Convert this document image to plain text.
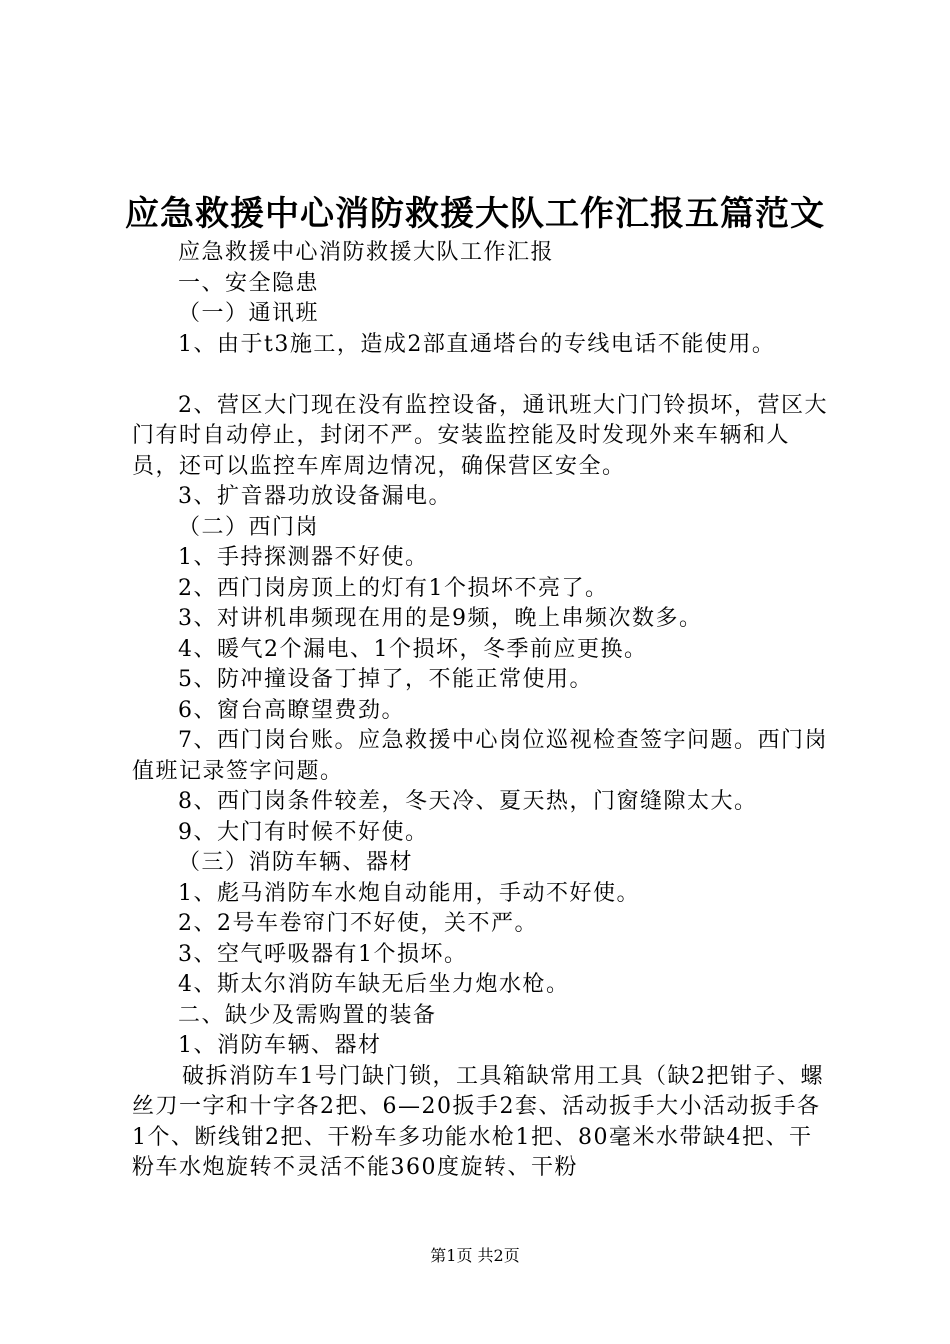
应急救援中心消防救援大队工作汇报五篇范文

应急救援中心消防救援大队工作汇报

一、安全隐患

（一）通讯班

1、由于t3施工，造成2部直通塔台的专线电话不能使用。

2、营区大门现在没有监控设备，通讯班大门门铃损坏，营区大门有时自动停止，封闭不严。安装监控能及时发现外来车辆和人员，还可以监控车库周边情况，确保营区安全。

3、扩音器功放设备漏电。

（二）西门岗

1、手持探测器不好使。

2、西门岗房顶上的灯有1个损坏不亮了。

3、对讲机串频现在用的是9频，晚上串频次数多。

4、暖气2个漏电、1个损坏，冬季前应更换。

5、防冲撞设备丁掉了，不能正常使用。

6、窗台高瞭望费劲。

7、西门岗台账。应急救援中心岗位巡视检查签字问题。西门岗值班记录签字问题。

8、西门岗条件较差，冬天冷、夏天热，门窗缝隙太大。

9、大门有时候不好使。

（三）消防车辆、器材

1、彪马消防车水炮自动能用，手动不好使。

2、2号车卷帘门不好使，关不严。

3、空气呼吸器有1个损坏。

4、斯太尔消防车缺无后坐力炮水枪。

二、缺少及需购置的装备

1、消防车辆、器材

破拆消防车1号门缺门锁，工具箱缺常用工具（缺2把钳子、螺丝刀一字和十字各2把、6—20扳手2套、活动扳手大小活动扳手各1个、断线钳2把、干粉车多功能水枪1把、80毫米水带缺4把、干粉车水炮旋转不灵活不能360度旋转、干粉

第1页 共2页
